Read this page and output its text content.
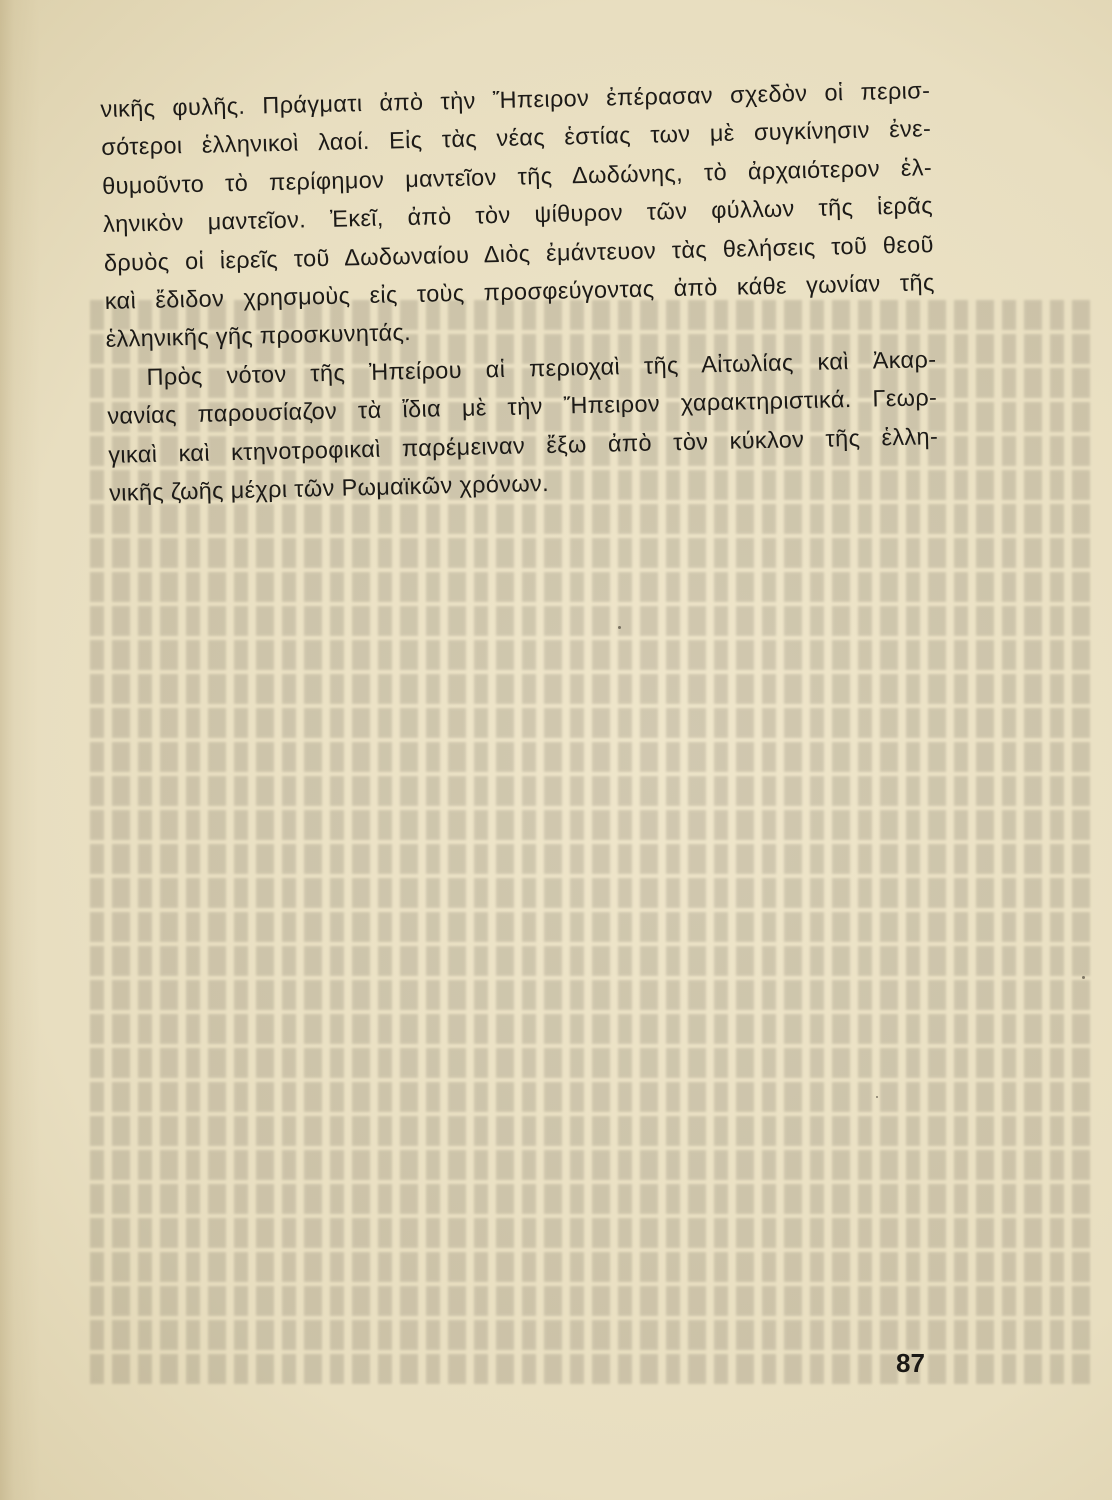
νικῆς φυλῆς. Πράγματι ἀπὸ τὴν Ἤπειρον ἐπέρασαν σχεδὸν οἱ περισ-
σότεροι ἑλληνικοὶ λαοί. Εἰς τὰς νέας ἑστίας των μὲ συγκίνησιν ἐνε-
θυμοῦντο τὸ περίφημον μαντεῖον τῆς Δωδώνης, τὸ ἀρχαιότερον ἑλ-
ληνικὸν μαντεῖον. Ἐκεῖ, ἀπὸ τὸν ψίθυρον τῶν φύλλων τῆς ἱερᾶς
δρυὸς οἱ ἱερεῖς τοῦ Δωδωναίου Διὸς ἐμάντευον τὰς θελήσεις τοῦ θεοῦ
καὶ ἔδιδον χρησμοὺς εἰς τοὺς προσφεύγοντας ἀπὸ κάθε γωνίαν τῆς
ἑλληνικῆς γῆς προσκυνητάς.

Πρὸς νότον τῆς Ἠπείρου αἱ περιοχαὶ τῆς Αἰτωλίας καὶ Ἀκαρ-
νανίας παρουσίαζον τὰ ἴδια μὲ τὴν Ἤπειρον χαρακτηριστικά. Γεωρ-
γικαὶ καὶ κτηνοτροφικαὶ παρέμειναν ἔξω ἀπὸ τὸν κύκλον τῆς ἑλλη-
νικῆς ζωῆς μέχρι τῶν Ρωμαϊκῶν χρόνων.

87
